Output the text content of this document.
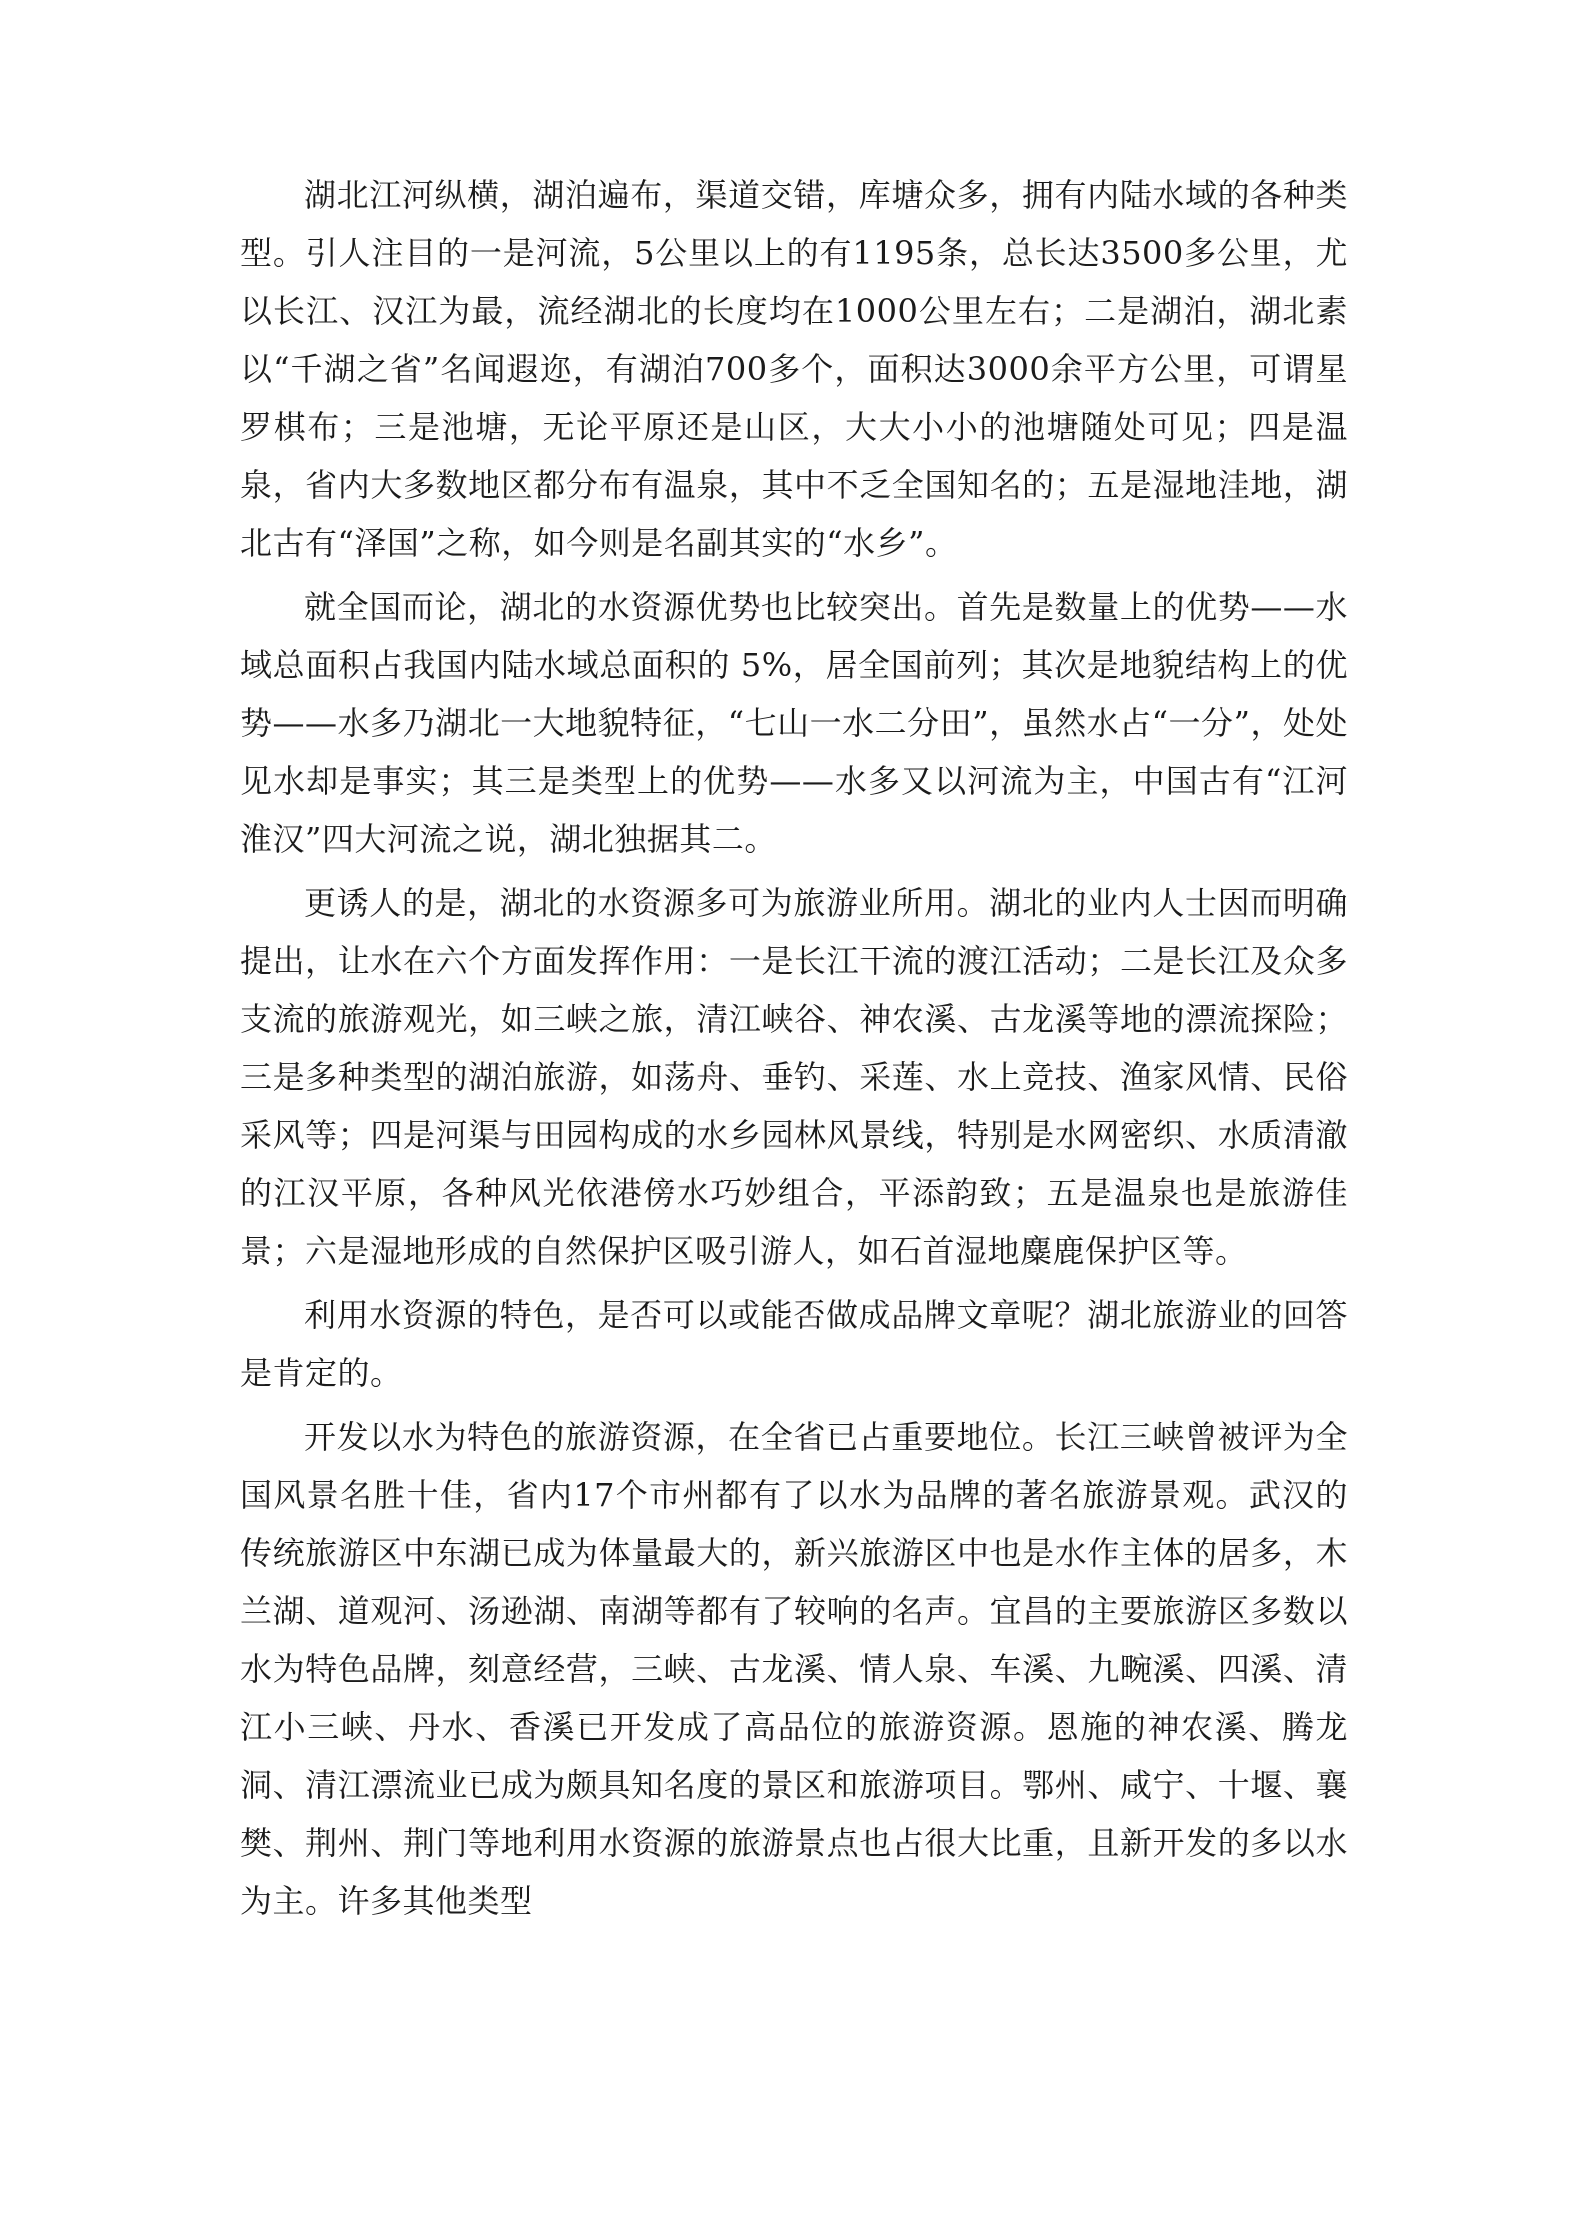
湖北江河纵横，湖泊遍布，渠道交错，库塘众多，拥有内陆水域的各种类型。引人注目的一是河流，5公里以上的有1195条，总长达3500多公里，尤以长江、汉江为最，流经湖北的长度均在1000公里左右；二是湖泊，湖北素以“千湖之省”名闻遐迩，有湖泊700多个，面积达3000余平方公里，可谓星罗棋布；三是池塘，无论平原还是山区，大大小小的池塘随处可见；四是温泉，省内大多数地区都分布有温泉，其中不乏全国知名的；五是湿地洼地，湖北古有“泽国”之称，如今则是名副其实的“水乡”。

就全国而论，湖北的水资源优势也比较突出。首先是数量上的优势——水域总面积占我国内陆水域总面积的 5%，居全国前列；其次是地貌结构上的优势——水多乃湖北一大地貌特征，“七山一水二分田”，虽然水占“一分”，处处见水却是事实；其三是类型上的优势——水多又以河流为主，中国古有“江河淮汉”四大河流之说，湖北独据其二。

更诱人的是，湖北的水资源多可为旅游业所用。湖北的业内人士因而明确提出，让水在六个方面发挥作用：一是长江干流的渡江活动；二是长江及众多支流的旅游观光，如三峡之旅，清江峡谷、神农溪、古龙溪等地的漂流探险；三是多种类型的湖泊旅游，如荡舟、垂钓、采莲、水上竞技、渔家风情、民俗采风等；四是河渠与田园构成的水乡园林风景线，特别是水网密织、水质清澈的江汉平原，各种风光依港傍水巧妙组合，平添韵致；五是温泉也是旅游佳景；六是湿地形成的自然保护区吸引游人，如石首湿地麋鹿保护区等。

利用水资源的特色，是否可以或能否做成品牌文章呢？湖北旅游业的回答是肯定的。

开发以水为特色的旅游资源，在全省已占重要地位。长江三峡曾被评为全国风景名胜十佳，省内17个市州都有了以水为品牌的著名旅游景观。武汉的传统旅游区中东湖已成为体量最大的，新兴旅游区中也是水作主体的居多，木兰湖、道观河、汤逊湖、南湖等都有了较响的名声。宜昌的主要旅游区多数以水为特色品牌，刻意经营，三峡、古龙溪、情人泉、车溪、九畹溪、四溪、清江小三峡、丹水、香溪已开发成了高品位的旅游资源。恩施的神农溪、腾龙洞、清江漂流业已成为颇具知名度的景区和旅游项目。鄂州、咸宁、十堰、襄樊、荆州、荆门等地利用水资源的旅游景点也占很大比重，且新开发的多以水为主。许多其他类型
